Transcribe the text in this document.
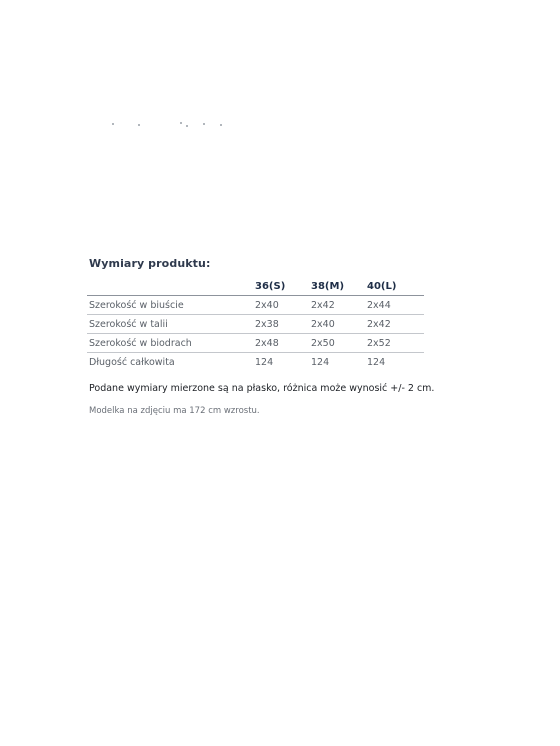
Wymiary produktu:
	36(S)	38(M)	40(L)
Szerokość w biuście	2x40	2x42	2x44
Szerokość w talii	2x38	2x40	2x42
Szerokość w biodrach	2x48	2x50	2x52
Długość całkowita	124	124	124
Podane wymiary mierzone są na płasko, różnica może wynosić +/- 2 cm.
Modelka na zdjęciu ma 172 cm wzrostu.
